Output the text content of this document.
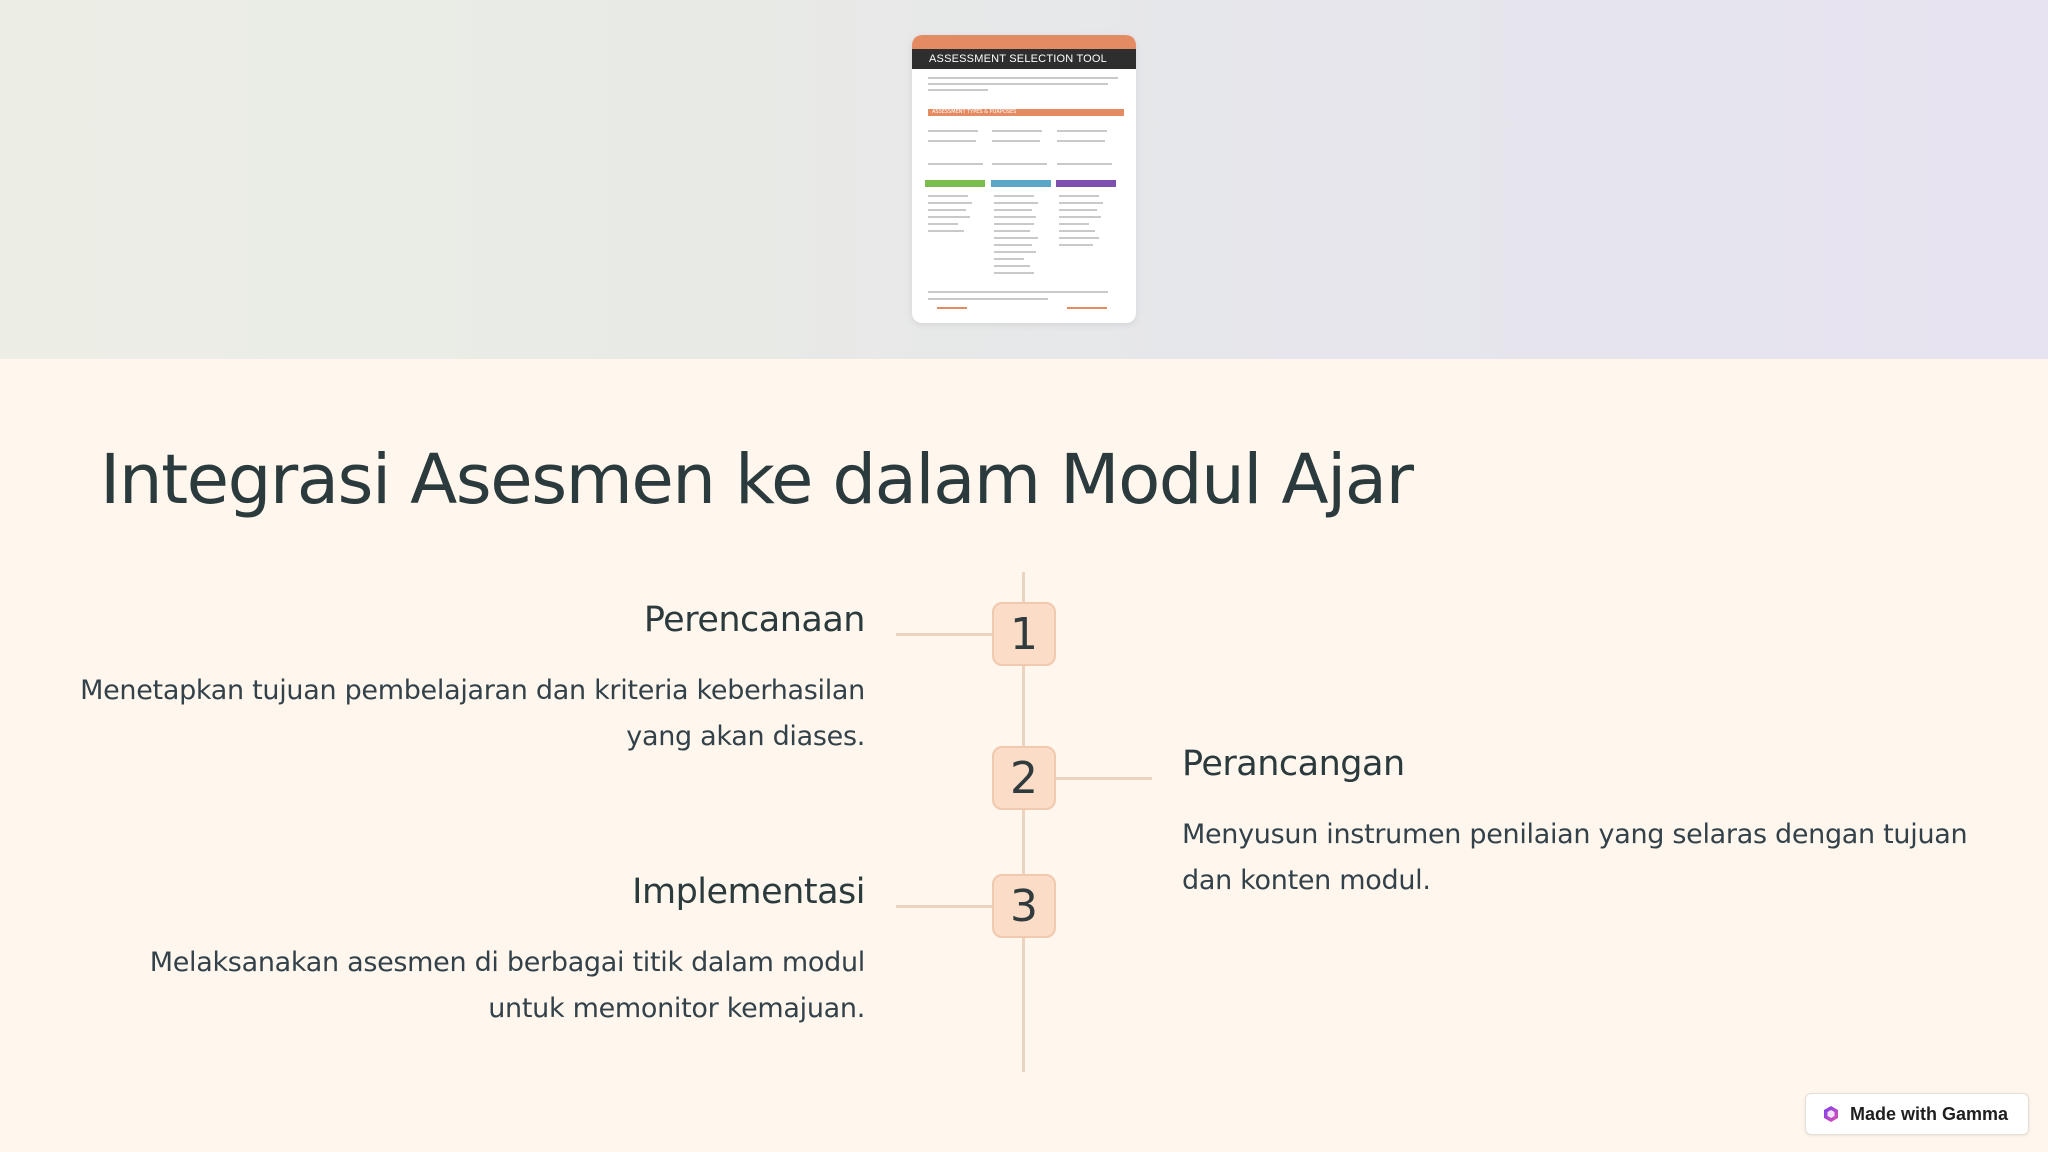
ASSESSMENT SELECTION TOOL
ASSESSMENT TYPES & PURPOSES
Integrasi Asesmen ke dalam Modul Ajar
1
Perencanaan

Menetapkan tujuan pembelajaran dan kriteria keberhasilan
yang akan diases.

2	Perancangan

Menyusun instrumen penilaian yang selaras dengan tujuan
dan konten modul.

3
Implementasi

Melaksanakan asesmen di berbagai titik dalam modul
untuk memonitor kemajuan.

Made with Gamma
